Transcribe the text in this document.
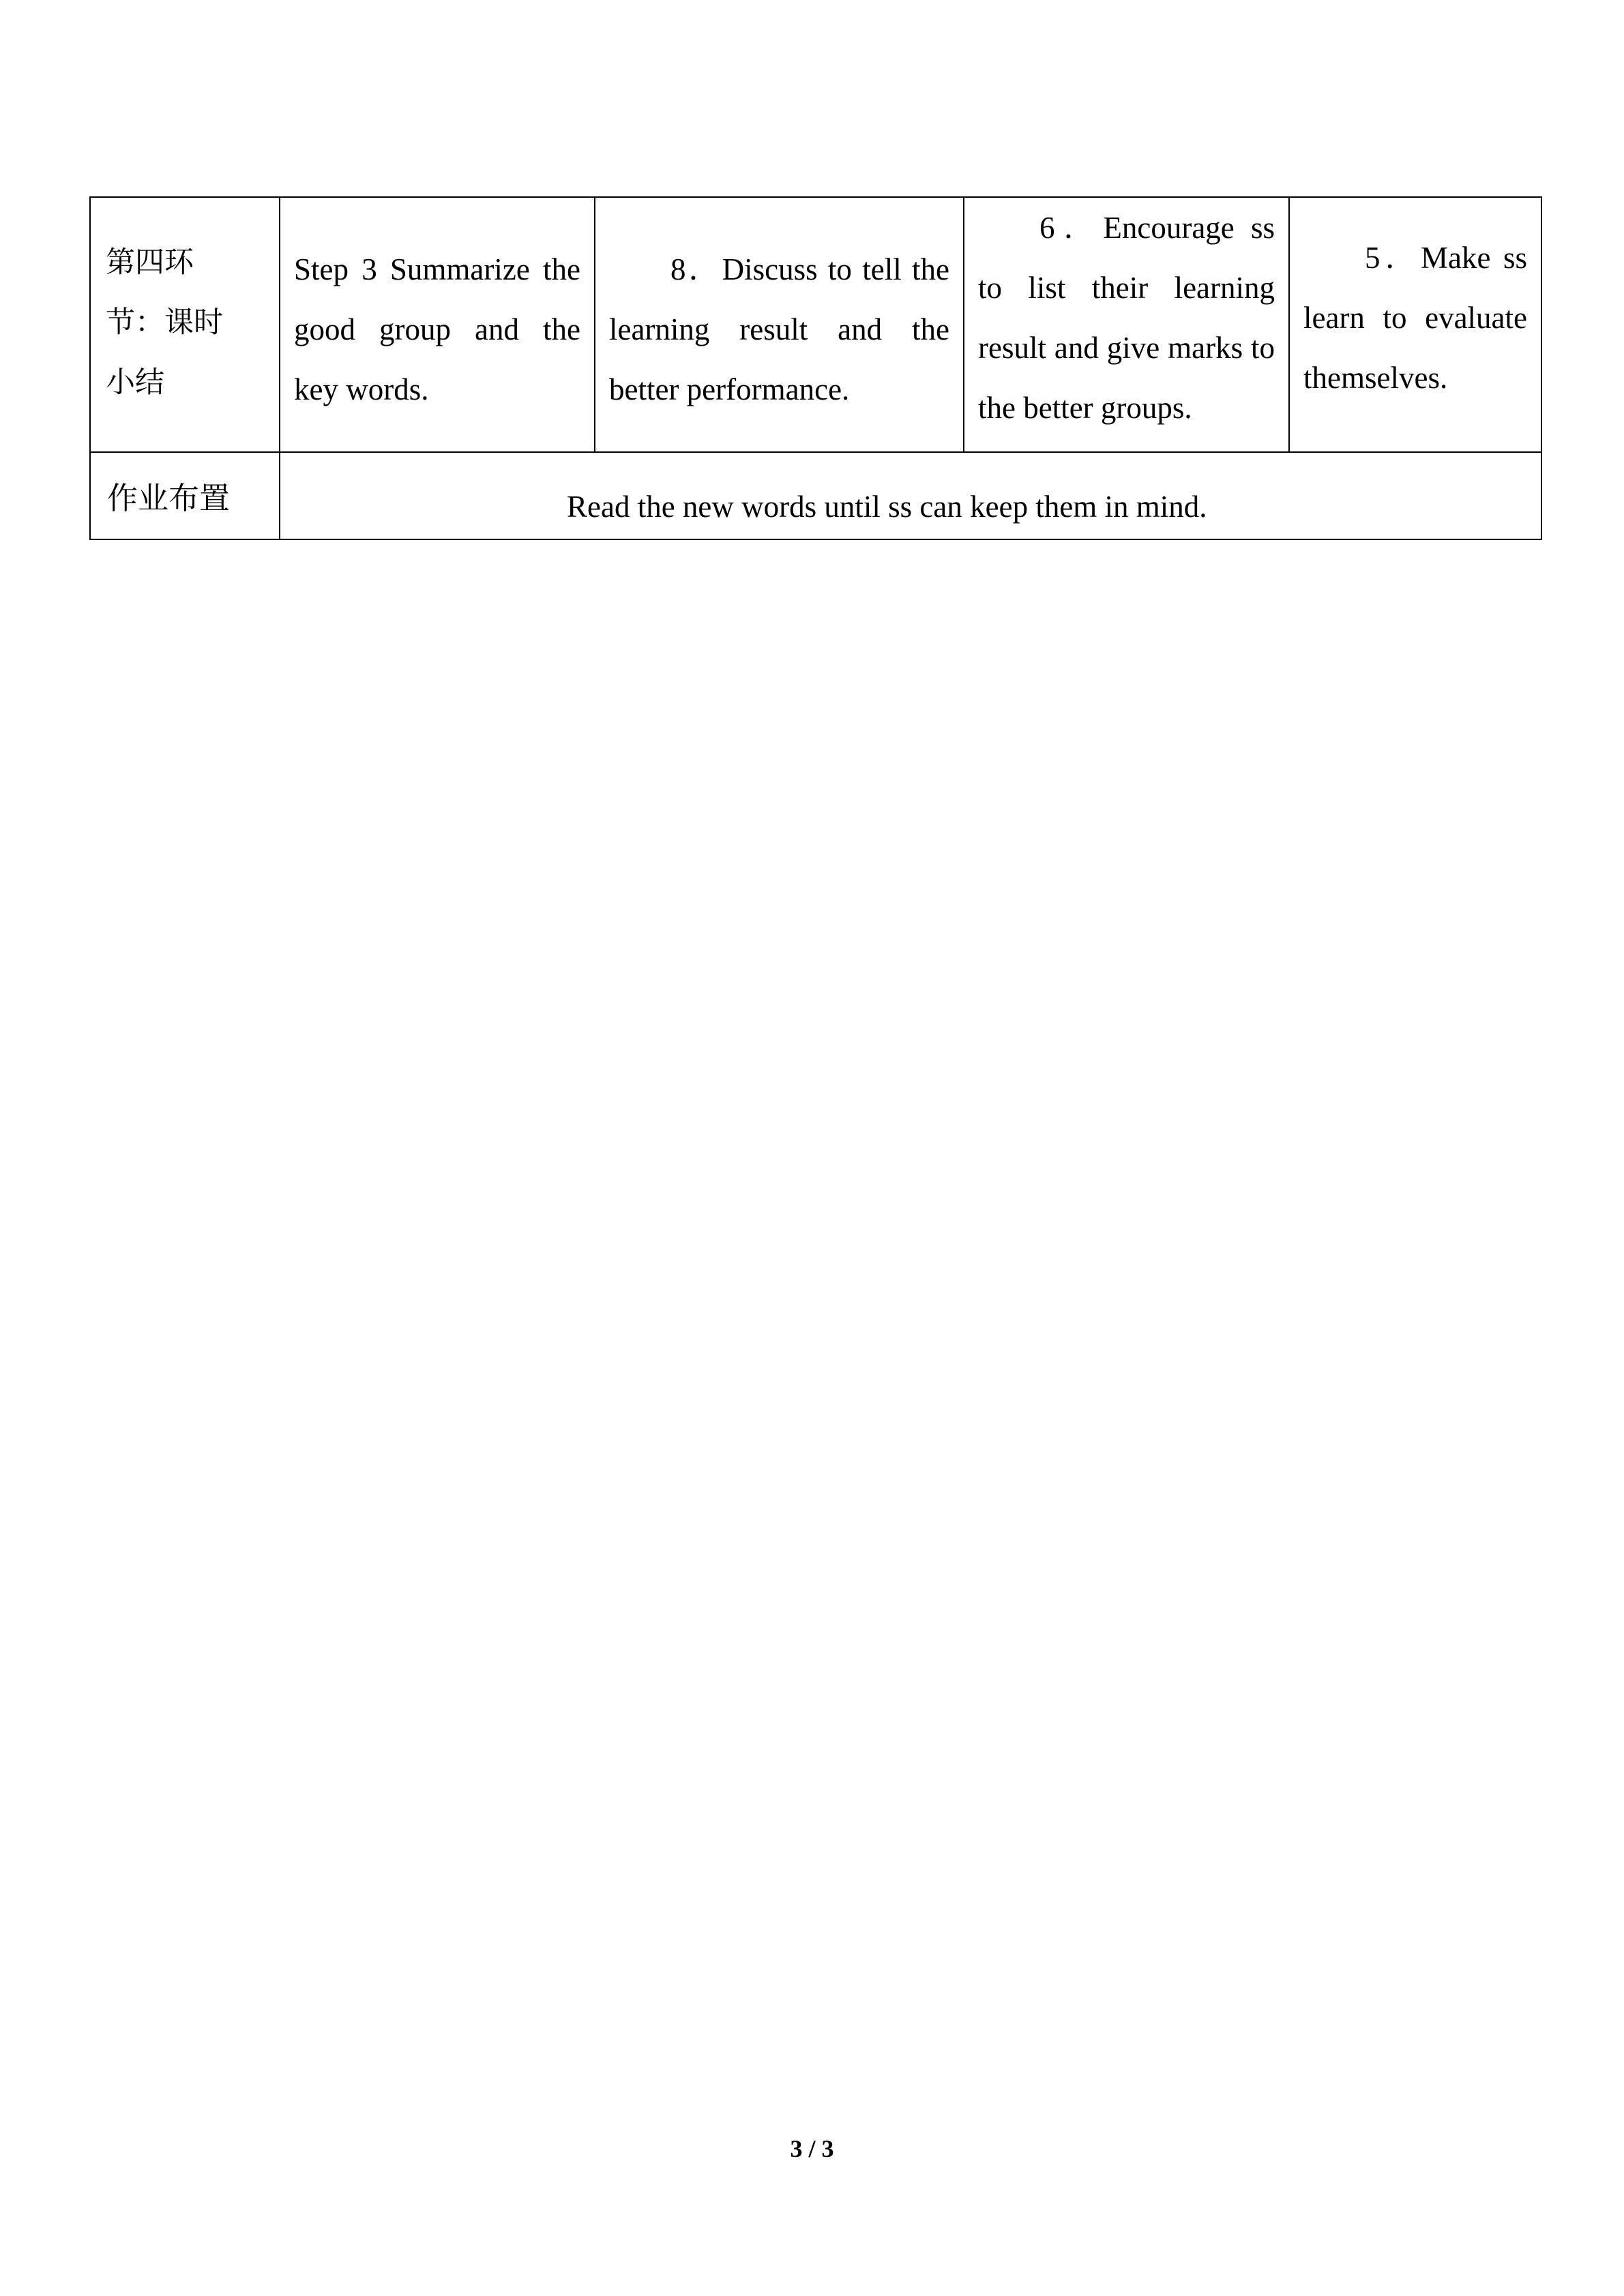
第四环
节：课时
小结	Step 3 Summarize the good group and the key words.	8．Discuss to tell the learning result and the better performance.	6．Encourage ss to list their learning result and give marks to the better groups.	5．Make ss learn to evaluate themselves.

作业布置	Read the new words until ss can keep them in mind.			
3 / 3
